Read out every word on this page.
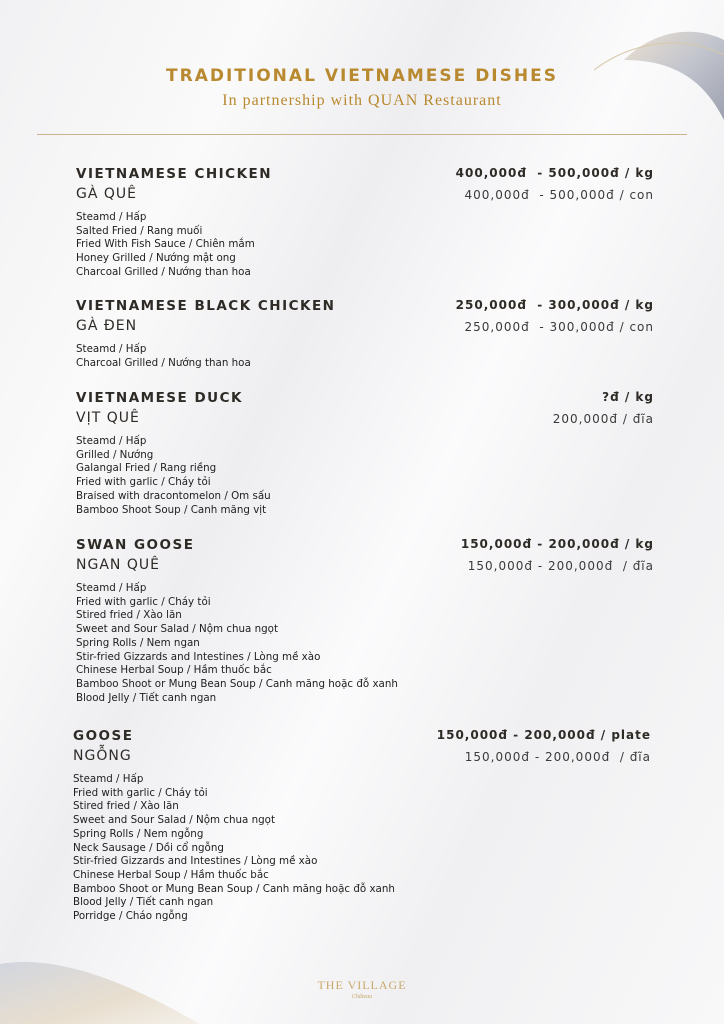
TRADITIONAL VIETNAMESE DISHES
In partnership with QUAN Restaurant
VIETNAMESE CHICKEN	400,000đ  - 500,000đ / kg
GÀ QUÊ	400,000đ  - 500,000đ / con
Steamd / Hấp
Salted Fried / Rang muối
Fried With Fish Sauce / Chiên mắm
Honey Grilled / Nướng mật ong
Charcoal Grilled / Nướng than hoa
VIETNAMESE BLACK CHICKEN	250,000đ  - 300,000đ / kg
GÀ ĐEN	250,000đ  - 300,000đ / con
Steamd / Hấp
Charcoal Grilled / Nướng than hoa
VIETNAMESE DUCK	?đ / kg
VỊT QUÊ	200,000đ / đĩa
Steamd / Hấp
Grilled / Nướng
Galangal Fried / Rang riềng
Fried with garlic / Cháy tỏi
Braised with dracontomelon / Om sấu
Bamboo Shoot Soup / Canh măng vịt
SWAN GOOSE	150,000đ - 200,000đ / kg
NGAN QUÊ	150,000đ - 200,000đ  / đĩa
Steamd / Hấp
Fried with garlic / Cháy tỏi
Stired fried / Xào lăn
Sweet and Sour Salad / Nộm chua ngọt
Spring Rolls / Nem ngan
Stir-fried Gizzards and Intestines / Lòng mề xào
Chinese Herbal Soup / Hầm thuốc bắc
Bamboo Shoot or Mung Bean Soup / Canh măng hoặc đỗ xanh
Blood Jelly / Tiết canh ngan
GOOSE	150,000đ - 200,000đ / plate
NGỖNG	150,000đ - 200,000đ  / đĩa
Steamd / Hấp
Fried with garlic / Cháy tỏi
Stired fried / Xào lăn
Sweet and Sour Salad / Nộm chua ngọt
Spring Rolls / Nem ngỗng
Neck Sausage / Dồi cổ ngỗng
Stir-fried Gizzards and Intestines / Lòng mề xào
Chinese Herbal Soup / Hầm thuốc bắc
Bamboo Shoot or Mung Bean Soup / Canh măng hoặc đỗ xanh
Blood Jelly / Tiết canh ngan
Porridge / Cháo ngỗng
THE VILLAGE
Château
